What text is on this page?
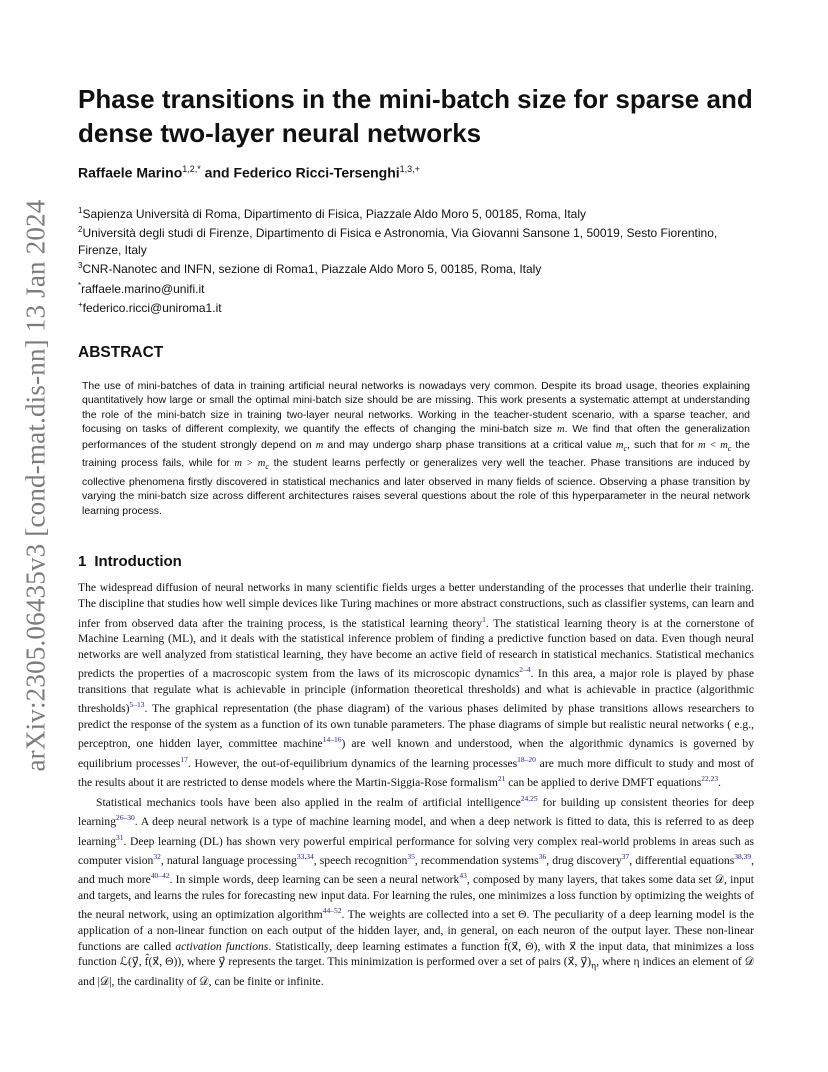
arXiv:2305.06435v3 [cond-mat.dis-nn] 13 Jan 2024
Phase transitions in the mini-batch size for sparse and dense two-layer neural networks
Raffaele Marino$^{1,2,*}$ and Federico Ricci-Tersenghi$^{1,3,+}$
$^1$Sapienza Università di Roma, Dipartimento di Fisica, Piazzale Aldo Moro 5, 00185, Roma, Italy
$^2$Università degli studi di Firenze, Dipartimento di Fisica e Astronomia, Via Giovanni Sansone 1, 50019, Sesto Fiorentino, Firenze, Italy
$^3$CNR-Nanotec and INFN, sezione di Roma1, Piazzale Aldo Moro 5, 00185, Roma, Italy
*raffaele.marino@unifi.it
+federico.ricci@uniroma1.it
ABSTRACT
The use of mini-batches of data in training artificial neural networks is nowadays very common. Despite its broad usage, theories explaining quantitatively how large or small the optimal mini-batch size should be are missing. This work presents a systematic attempt at understanding the role of the mini-batch size in training two-layer neural networks. Working in the teacher-student scenario, with a sparse teacher, and focusing on tasks of different complexity, we quantify the effects of changing the mini-batch size m. We find that often the generalization performances of the student strongly depend on m and may undergo sharp phase transitions at a critical value $m_c$, such that for $m < m_c$ the training process fails, while for $m > m_c$ the student learns perfectly or generalizes very well the teacher. Phase transitions are induced by collective phenomena firstly discovered in statistical mechanics and later observed in many fields of science. Observing a phase transition by varying the mini-batch size across different architectures raises several questions about the role of this hyperparameter in the neural network learning process.
1 Introduction

The widespread diffusion of neural networks in many scientific fields urges a better understanding of the processes that underlie their training. The discipline that studies how well simple devices like Turing machines or more abstract constructions, such as classifier systems, can learn and infer from observed data after the training process, is the statistical learning theory$^1$. The statistical learning theory is at the cornerstone of Machine Learning (ML), and it deals with the statistical inference problem of finding a predictive function based on data. Even though neural networks are well analyzed from statistical learning, they have become an active field of research in statistical mechanics. Statistical mechanics predicts the properties of a macroscopic system from the laws of its microscopic dynamics$^{2-4}$. In this area, a major role is played by phase transitions that regulate what is achievable in principle (information theoretical thresholds) and what is achievable in practice (algorithmic thresholds)$^{5-13}$. The graphical representation (the phase diagram) of the various phases delimited by phase transitions allows researchers to predict the response of the system as a function of its own tunable parameters. The phase diagrams of simple but realistic neural networks ( e.g., perceptron, one hidden layer, committee machine$^{14-16}$) are well known and understood, when the algorithmic dynamics is governed by equilibrium processes$^{17}$. However, the out-of-equilibrium dynamics of the learning processes$^{18-20}$ are much more difficult to study and most of the results about it are restricted to dense models where the Martin-Siggia-Rose formalism$^{21}$ can be applied to derive DMFT equations$^{22,23}$.

Statistical mechanics tools have been also applied in the realm of artificial intelligence$^{24,25}$ for building up consistent theories for deep learning$^{26-30}$. A deep neural network is a type of machine learning model, and when a deep network is fitted to data, this is referred to as deep learning$^{31}$. Deep learning (DL) has shown very powerful empirical performance for solving very complex real-world problems in areas such as computer vision$^{32}$, natural language processing$^{33,34}$, speech recognition$^{35}$, recommendation systems$^{36}$, drug discovery$^{37}$, differential equations$^{38,39}$, and much more$^{40-42}$. In simple words, deep learning can be seen a neural network$^{43}$, composed by many layers, that takes some data set 𝒟, input and targets, and learns the rules for forecasting new input data. For learning the rules, one minimizes a loss function by optimizing the weights of the neural network, using an optimization algorithm$^{44-52}$. The weights are collected into a set Θ. The peculiarity of a deep learning model is the application of a non-linear function on each output of the hidden layer, and, in general, on each neuron of the output layer. These non-linear functions are called activation functions. Statistically, deep learning estimates a function f̂(x⃗, Θ), with x⃗ the input data, that minimizes a loss function ℒ(y⃗, f̂(x⃗, Θ)), where y⃗ represents the target. This minimization is performed over a set of pairs (x⃗, $y⃗)_\eta$, where η indices an element of 𝒟 and |𝒟|, the cardinality of 𝒟, can be finite or infinite.
